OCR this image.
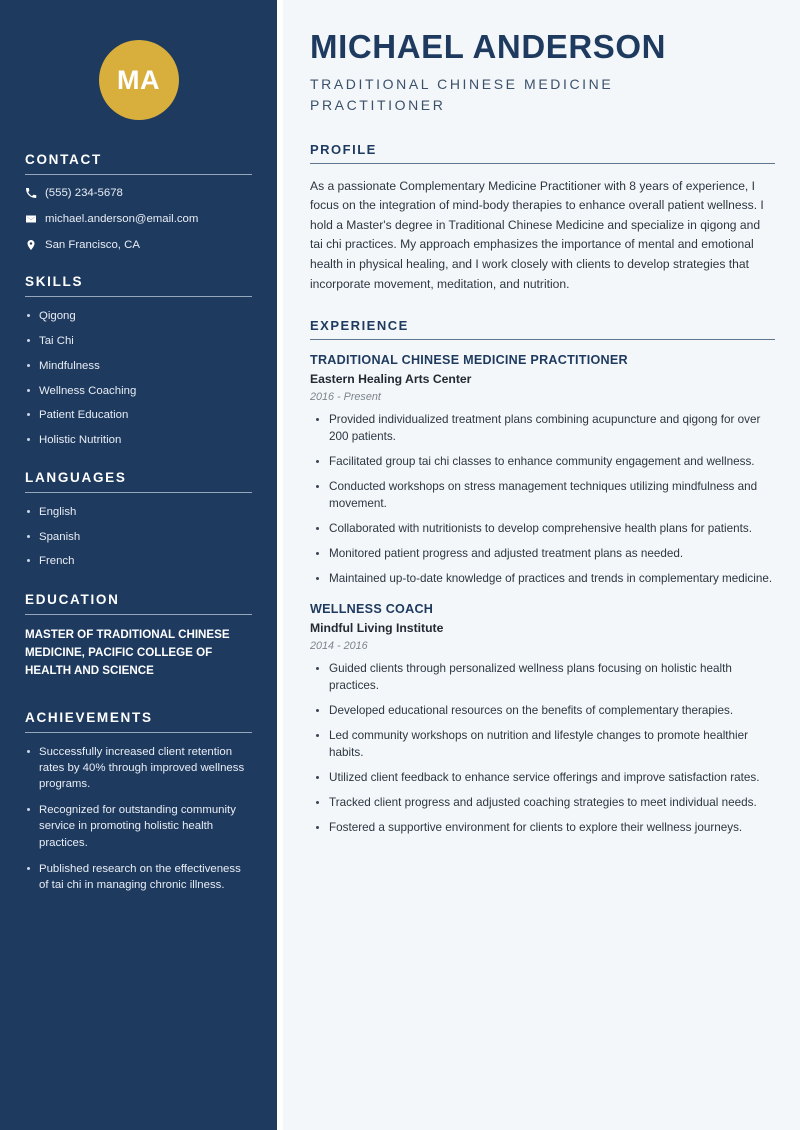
MA
CONTACT
(555) 234-5678
michael.anderson@email.com
San Francisco, CA
SKILLS
Qigong
Tai Chi
Mindfulness
Wellness Coaching
Patient Education
Holistic Nutrition
LANGUAGES
English
Spanish
French
EDUCATION

MASTER OF TRADITIONAL CHINESE MEDICINE, PACIFIC COLLEGE OF HEALTH AND SCIENCE

ACHIEVEMENTS
Successfully increased client retention rates by 40% through improved wellness programs.
Recognized for outstanding community service in promoting holistic health practices.
Published research on the effectiveness of tai chi in managing chronic illness.
MICHAEL ANDERSON

TRADITIONAL CHINESE MEDICINE PRACTITIONER

PROFILE

As a passionate Complementary Medicine Practitioner with 8 years of experience, I focus on the integration of mind-body therapies to enhance overall patient wellness. I hold a Master's degree in Traditional Chinese Medicine and specialize in qigong and tai chi practices. My approach emphasizes the importance of mental and emotional health in physical healing, and I work closely with clients to develop strategies that incorporate movement, meditation, and nutrition.

EXPERIENCE
TRADITIONAL CHINESE MEDICINE PRACTITIONER

Eastern Healing Arts Center

2016 - Present

Provided individualized treatment plans combining acupuncture and qigong for over 200 patients.
Facilitated group tai chi classes to enhance community engagement and wellness.
Conducted workshops on stress management techniques utilizing mindfulness and movement.
Collaborated with nutritionists to develop comprehensive health plans for patients.
Monitored patient progress and adjusted treatment plans as needed.
Maintained up-to-date knowledge of practices and trends in complementary medicine.
WELLNESS COACH

Mindful Living Institute

2014 - 2016

Guided clients through personalized wellness plans focusing on holistic health practices.
Developed educational resources on the benefits of complementary therapies.
Led community workshops on nutrition and lifestyle changes to promote healthier habits.
Utilized client feedback to enhance service offerings and improve satisfaction rates.
Tracked client progress and adjusted coaching strategies to meet individual needs.
Fostered a supportive environment for clients to explore their wellness journeys.
